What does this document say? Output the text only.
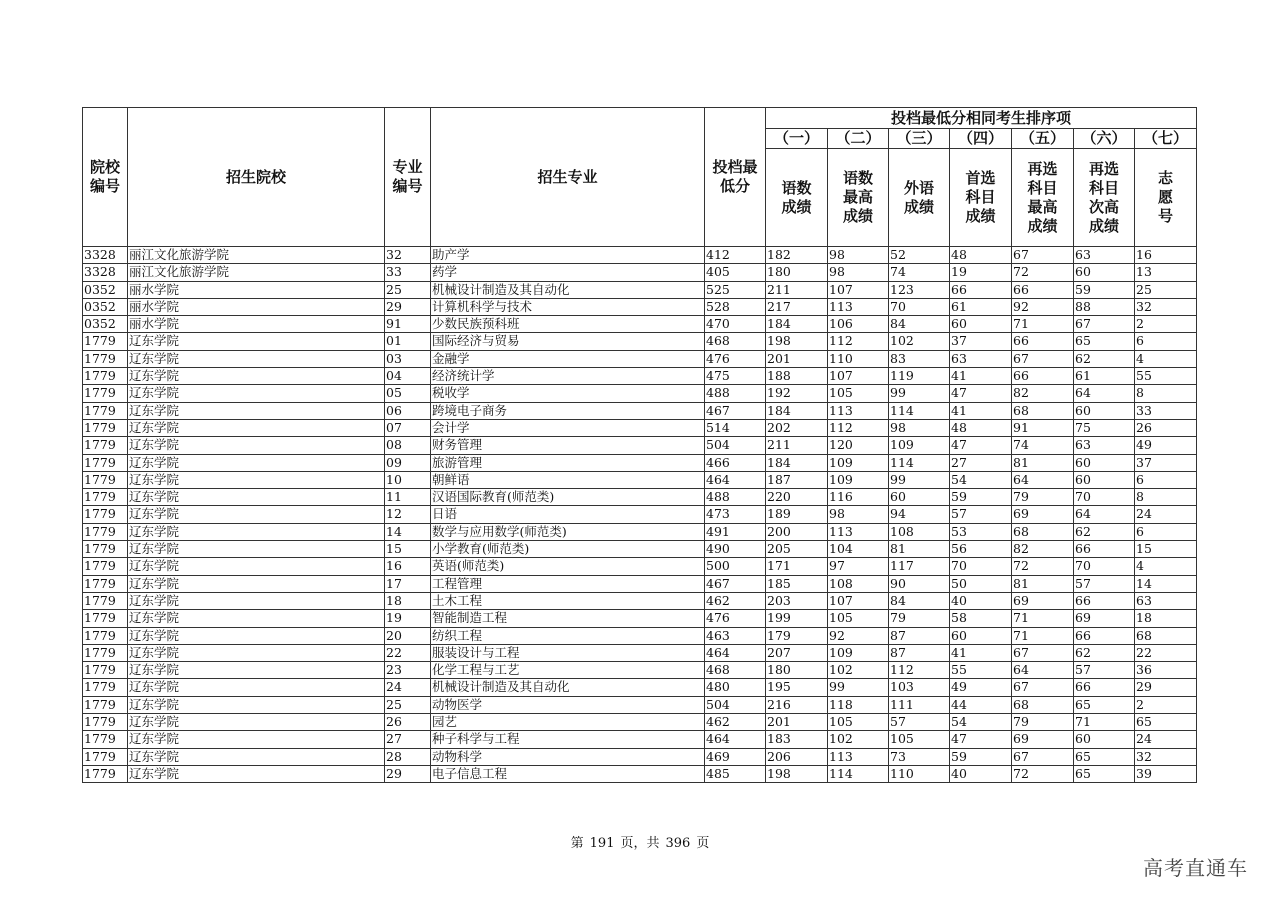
院校编号	招生院校	专业编号	招生专业	投档最低分	投档最低分相同考生排序项						
					（一）	（二）	（三）	（四）	（五）	（六）	（七）
					语数成绩	语数最高成绩	外语成绩	首选科目成绩	再选科目最高成绩	再选科目次高成绩	志愿号
3328	丽江文化旅游学院	32	助产学	412	182	98	52	48	67	63	16
3328	丽江文化旅游学院	33	药学	405	180	98	74	19	72	60	13
0352	丽水学院	25	机械设计制造及其自动化	525	211	107	123	66	66	59	25
0352	丽水学院	29	计算机科学与技术	528	217	113	70	61	92	88	32
0352	丽水学院	91	少数民族预科班	470	184	106	84	60	71	67	2
1779	辽东学院	01	国际经济与贸易	468	198	112	102	37	66	65	6
1779	辽东学院	03	金融学	476	201	110	83	63	67	62	4
1779	辽东学院	04	经济统计学	475	188	107	119	41	66	61	55
1779	辽东学院	05	税收学	488	192	105	99	47	82	64	8
1779	辽东学院	06	跨境电子商务	467	184	113	114	41	68	60	33
1779	辽东学院	07	会计学	514	202	112	98	48	91	75	26
1779	辽东学院	08	财务管理	504	211	120	109	47	74	63	49
1779	辽东学院	09	旅游管理	466	184	109	114	27	81	60	37
1779	辽东学院	10	朝鲜语	464	187	109	99	54	64	60	6
1779	辽东学院	11	汉语国际教育(师范类)	488	220	116	60	59	79	70	8
1779	辽东学院	12	日语	473	189	98	94	57	69	64	24
1779	辽东学院	14	数学与应用数学(师范类)	491	200	113	108	53	68	62	6
1779	辽东学院	15	小学教育(师范类)	490	205	104	81	56	82	66	15
1779	辽东学院	16	英语(师范类)	500	171	97	117	70	72	70	4
1779	辽东学院	17	工程管理	467	185	108	90	50	81	57	14
1779	辽东学院	18	土木工程	462	203	107	84	40	69	66	63
1779	辽东学院	19	智能制造工程	476	199	105	79	58	71	69	18
1779	辽东学院	20	纺织工程	463	179	92	87	60	71	66	68
1779	辽东学院	22	服装设计与工程	464	207	109	87	41	67	62	22
1779	辽东学院	23	化学工程与工艺	468	180	102	112	55	64	57	36
1779	辽东学院	24	机械设计制造及其自动化	480	195	99	103	49	67	66	29
1779	辽东学院	25	动物医学	504	216	118	111	44	68	65	2
1779	辽东学院	26	园艺	462	201	105	57	54	79	71	65
1779	辽东学院	27	种子科学与工程	464	183	102	105	47	69	60	24
1779	辽东学院	28	动物科学	469	206	113	73	59	67	65	32
1779	辽东学院	29	电子信息工程	485	198	114	110	40	72	65	39
第 191 页，共 396 页
高考直通车
